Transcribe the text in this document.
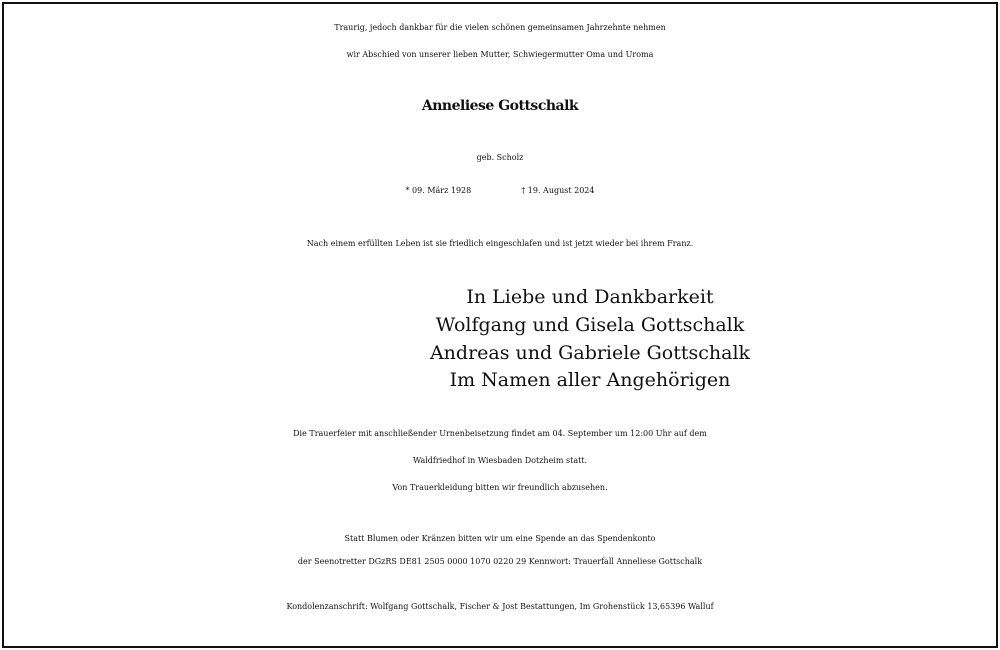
Traurig, jedoch dankbar für die vielen schönen gemeinsamen Jahrzehnte nehmen
wir Abschied von unserer lieben Mutter, Schwiegermutter Oma und Uroma
Anneliese Gottschalk
geb. Scholz
* 09. März 1928	† 19. August 2024
Nach einem erfüllten Leben ist sie friedlich eingeschlafen und ist jetzt wieder bei ihrem Franz.
In Liebe und Dankbarkeit
Wolfgang und Gisela Gottschalk
Andreas und Gabriele Gottschalk
Im Namen aller Angehörigen
Die Trauerfeier mit anschließender Urnenbeisetzung findet am 04. September um 12:00 Uhr auf dem
Waldfriedhof in Wiesbaden Dotzheim statt.
Von Trauerkleidung bitten wir freundlich abzusehen.
Statt Blumen oder Kränzen bitten wir um eine Spende an das Spendenkonto
der Seenotretter DGzRS DE81 2505 0000 1070 0220 29 Kennwort: Trauerfall Anneliese Gottschalk
Kondolenzanschrift: Wolfgang Gottschalk, Fischer & Jost Bestattungen, Im Grohenstück 13,65396 Walluf
